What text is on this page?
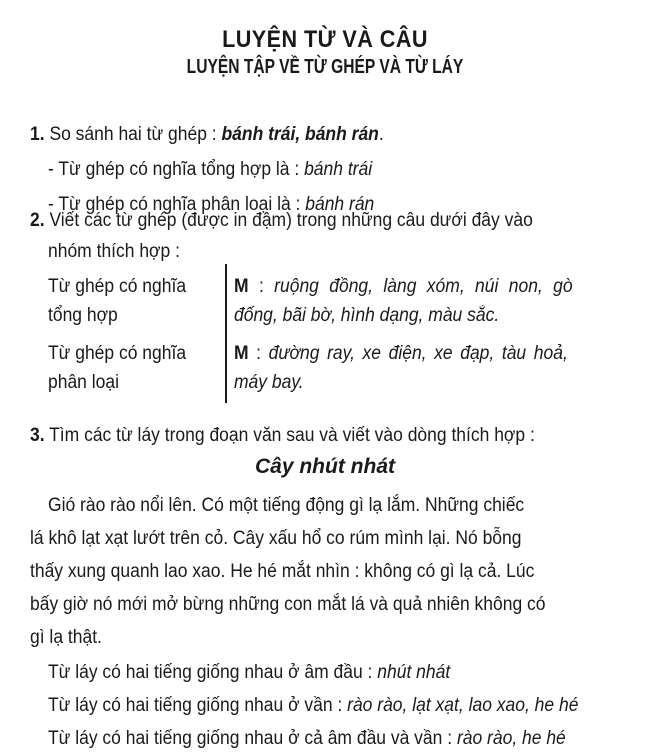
LUYỆN TỪ VÀ CÂU
LUYỆN TẬP VỀ TỪ GHÉP VÀ TỪ LÁY
1. So sánh hai từ ghép : bánh trái, bánh rán.
- Từ ghép có nghĩa tổng hợp là : bánh trái
- Từ ghép có nghĩa phân loại là : bánh rán
2. Viết các từ ghép (được in đậm) trong những câu dưới đây vào
nhóm thích hợp :
Từ ghép có nghĩa
tổng hợp
M : ruộng đồng, làng xóm, núi non, gò
đống, bãi bờ, hình dạng, màu sắc.
Từ ghép có nghĩa
phân loại
M : đường ray, xe điện, xe đạp, tàu hoả,
máy bay.
3. Tìm các từ láy trong đoạn văn sau và viết vào dòng thích hợp :
Cây nhút nhát
Gió rào rào nổi lên. Có một tiếng động gì lạ lắm. Những chiếc
lá khô lạt xạt lướt trên cỏ. Cây xấu hổ co rúm mình lại. Nó bỗng
thấy xung quanh lao xao. He hé mắt nhìn : không có gì lạ cả. Lúc
bấy giờ nó mới mở bừng những con mắt lá và quả nhiên không có
gì lạ thật.
Từ láy có hai tiếng giống nhau ở âm đầu : nhút nhát
Từ láy có hai tiếng giống nhau ở vần : rào rào, lạt xạt, lao xao, he hé
Từ láy có hai tiếng giống nhau ở cả âm đầu và vần : rào rào, he hé
